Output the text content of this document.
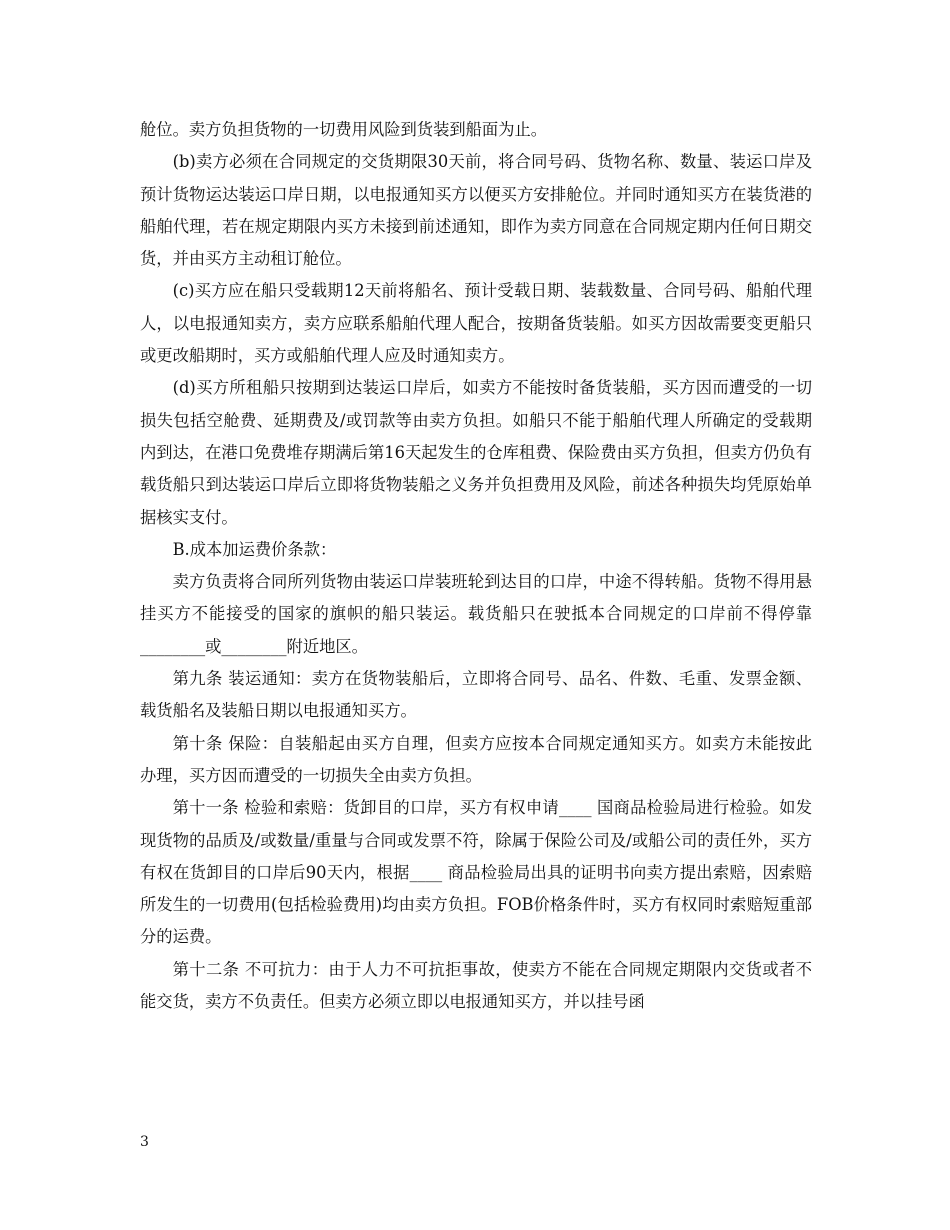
舱位。卖方负担货物的一切费用风险到货装到船面为止。

(b)卖方必须在合同规定的交货期限30天前，将合同号码、货物名称、数量、装运口岸及预计货物运达装运口岸日期，以电报通知买方以便买方安排舱位。并同时通知买方在装货港的船舶代理，若在规定期限内买方未接到前述通知，即作为卖方同意在合同规定期内任何日期交货，并由买方主动租订舱位。

(c)买方应在船只受载期12天前将船名、预计受载日期、装载数量、合同号码、船舶代理人，以电报通知卖方，卖方应联系船舶代理人配合，按期备货装船。如买方因故需要变更船只或更改船期时，买方或船舶代理人应及时通知卖方。

(d)买方所租船只按期到达装运口岸后，如卖方不能按时备货装船，买方因而遭受的一切损失包括空舱费、延期费及/或罚款等由卖方负担。如船只不能于船舶代理人所确定的受载期内到达，在港口免费堆存期满后第16天起发生的仓库租费、保险费由买方负担，但卖方仍负有载货船只到达装运口岸后立即将货物装船之义务并负担费用及风险，前述各种损失均凭原始单据核实支付。

B.成本加运费价条款：

卖方负责将合同所列货物由装运口岸装班轮到达目的口岸，中途不得转船。货物不得用悬挂买方不能接受的国家的旗帜的船只装运。载货船只在驶抵本合同规定的口岸前不得停靠________或________附近地区。

第九条 装运通知：卖方在货物装船后，立即将合同号、品名、件数、毛重、发票金额、载货船名及装船日期以电报通知买方。

第十条 保险：自装船起由买方自理，但卖方应按本合同规定通知买方。如卖方未能按此办理，买方因而遭受的一切损失全由卖方负担。

第十一条 检验和索赔：货卸目的口岸，买方有权申请____ 国商品检验局进行检验。如发现货物的品质及/或数量/重量与合同或发票不符，除属于保险公司及/或船公司的责任外，买方有权在货卸目的口岸后90天内，根据____ 商品检验局出具的证明书向卖方提出索赔，因索赔所发生的一切费用(包括检验费用)均由卖方负担。FOB价格条件时，买方有权同时索赔短重部分的运费。

第十二条 不可抗力：由于人力不可抗拒事故，使卖方不能在合同规定期限内交货或者不能交货，卖方不负责任。但卖方必须立即以电报通知买方，并以挂号函

3
